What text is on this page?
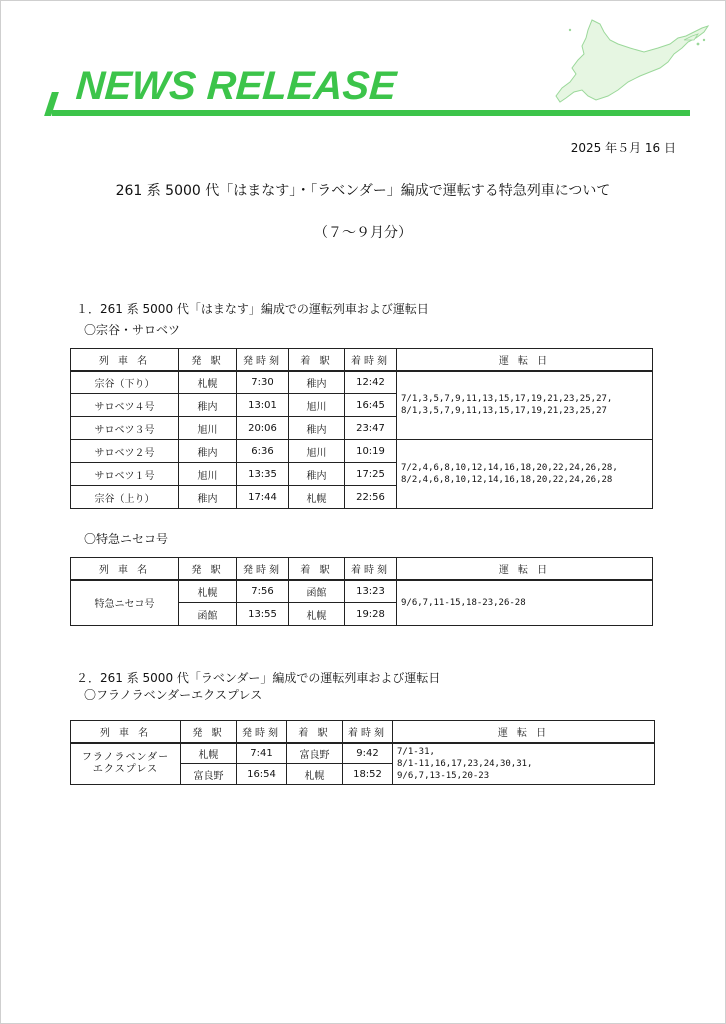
NEWS RELEASE
2025 年５月 16 日
261 系 5000 代「はまなす」・「ラベンダー」編成で運転する特急列車について
（７～９月分）
１．261 系 5000 代「はまなす」編成での運転列車および運転日
〇宗谷・サロベツ
列 車 名	発 駅	発時刻	着 駅	着時刻	運 転 日
宗谷（下り）	札幌	7:30	稚内	12:42	7/1,3,5,7,9,11,13,15,17,19,21,23,25,27,
8/1,3,5,7,9,11,13,15,17,19,21,23,25,27
サロベツ４号	稚内	13:01	旭川	16:45	
サロベツ３号	旭川	20:06	稚内	23:47	
サロベツ２号	稚内	6:36	旭川	10:19	7/2,4,6,8,10,12,14,16,18,20,22,24,26,28,
8/2,4,6,8,10,12,14,16,18,20,22,24,26,28
サロベツ１号	旭川	13:35	稚内	17:25	
宗谷（上り）	稚内	17:44	札幌	22:56	
〇特急ニセコ号
列 車 名	発 駅	発時刻	着 駅	着時刻	運 転 日
特急ニセコ号	札幌	7:56	函館	13:23	9/6,7,11-15,18-23,26-28
	函館	13:55	札幌	19:28	
２．261 系 5000 代「ラベンダー」編成での運転列車および運転日
〇フラノラベンダーエクスプレス
列 車 名	発 駅	発時刻	着 駅	着時刻	運 転 日
フラノラベンダー
エクスプレス	札幌	7:41	富良野	9:42	7/1-31,
8/1-11,16,17,23,24,30,31,
9/6,7,13-15,20-23
	富良野	16:54	札幌	18:52	
